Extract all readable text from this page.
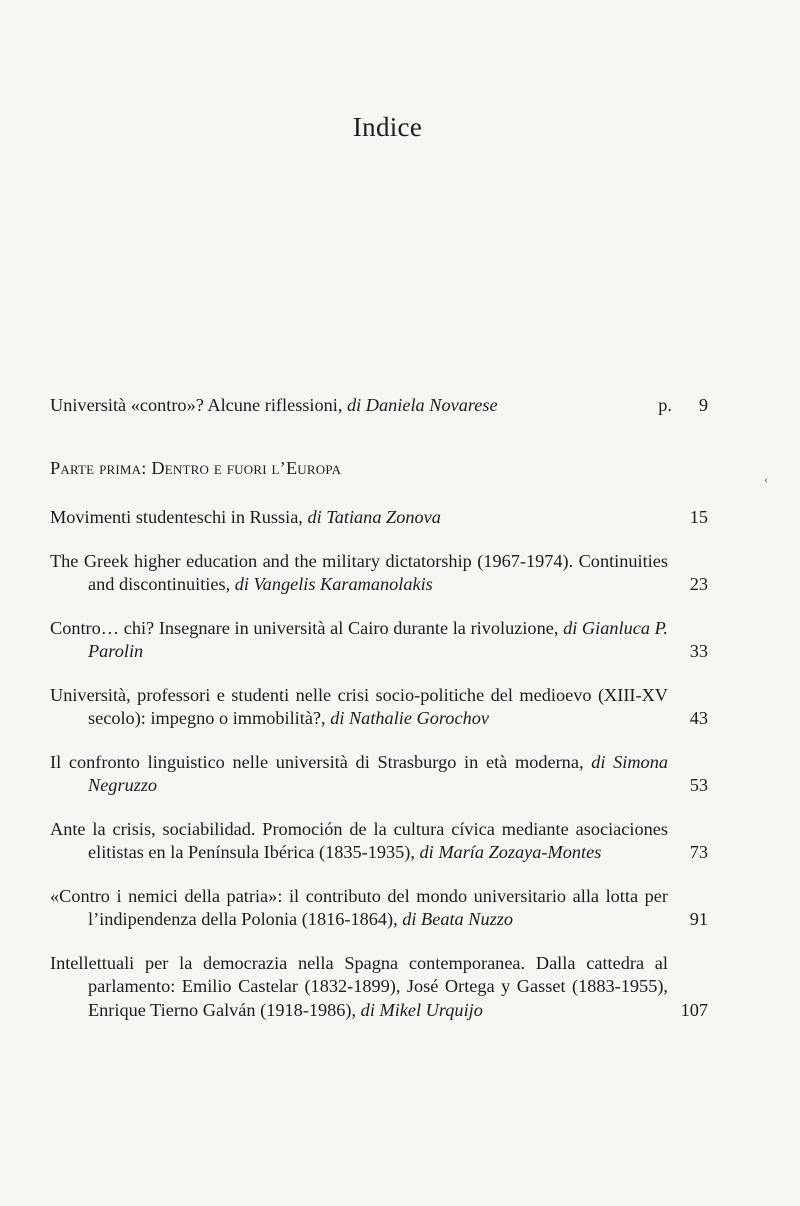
Indice
‹
Università «contro»? Alcune riflessioni, di Daniela Novarese	p. 9
Parte prima: Dentro e fuori l’Europa
Movimenti studenteschi in Russia, di Tatiana Zonova	15
The Greek higher education and the military dictatorship (1967-1974). Continuities and discontinuities, di Vangelis Karamanolakis	23
Contro… chi? Insegnare in università al Cairo durante la rivoluzione, di Gianluca P. Parolin	33
Università, professori e studenti nelle crisi socio-politiche del medioevo (XIII-XV secolo): impegno o immobilità?, di Nathalie Gorochov	43
Il confronto linguistico nelle università di Strasburgo in età moderna, di Simona Negruzzo	53
Ante la crisis, sociabilidad. Promoción de la cultura cívica mediante asociaciones elitistas en la Península Ibérica (1835-1935), di María Zozaya-Montes	73
«Contro i nemici della patria»: il contributo del mondo universitario alla lotta per l’indipendenza della Polonia (1816-1864), di Beata Nuzzo	91
Intellettuali per la democrazia nella Spagna contemporanea. Dalla cattedra al parlamento: Emilio Castelar (1832-1899), José Ortega y Gasset (1883-1955), Enrique Tierno Galván (1918-1986), di Mikel Urquijo	107
